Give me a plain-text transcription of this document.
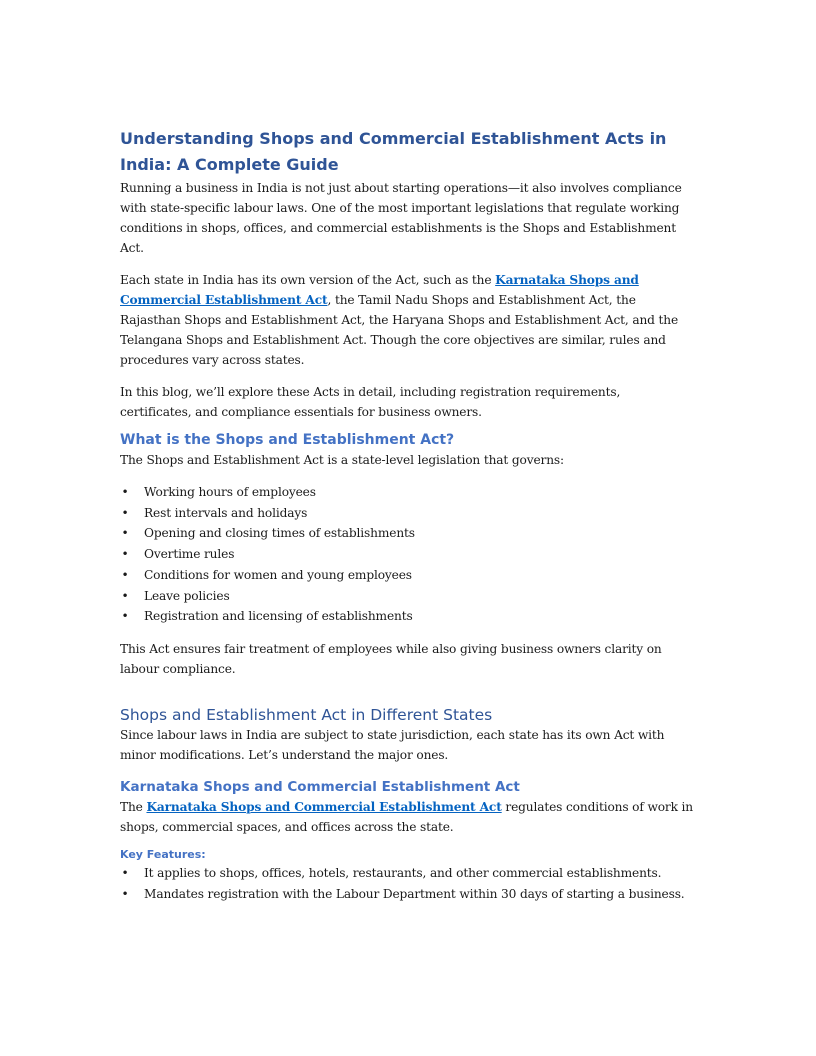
Understanding Shops and Commercial Establishment Acts in India: A Complete Guide

Running a business in India is not just about starting operations—it also involves compliance with state-specific labour laws. One of the most important legislations that regulate working conditions in shops, offices, and commercial establishments is the Shops and Establishment Act.

Each state in India has its own version of the Act, such as the Karnataka Shops and Commercial Establishment Act, the Tamil Nadu Shops and Establishment Act, the Rajasthan Shops and Establishment Act, the Haryana Shops and Establishment Act, and the Telangana Shops and Establishment Act. Though the core objectives are similar, rules and procedures vary across states.

In this blog, we’ll explore these Acts in detail, including registration requirements, certificates, and compliance essentials for business owners.

What is the Shops and Establishment Act?

The Shops and Establishment Act is a state-level legislation that governs:

• Working hours of employees
• Rest intervals and holidays
• Opening and closing times of establishments
• Overtime rules
• Conditions for women and young employees
• Leave policies
• Registration and licensing of establishments

This Act ensures fair treatment of employees while also giving business owners clarity on labour compliance.

Shops and Establishment Act in Different States

Since labour laws in India are subject to state jurisdiction, each state has its own Act with minor modifications. Let’s understand the major ones.

Karnataka Shops and Commercial Establishment Act

The Karnataka Shops and Commercial Establishment Act regulates conditions of work in shops, commercial spaces, and offices across the state.

Key Features:
• It applies to shops, offices, hotels, restaurants, and other commercial establishments.
• Mandates registration with the Labour Department within 30 days of starting a business.
